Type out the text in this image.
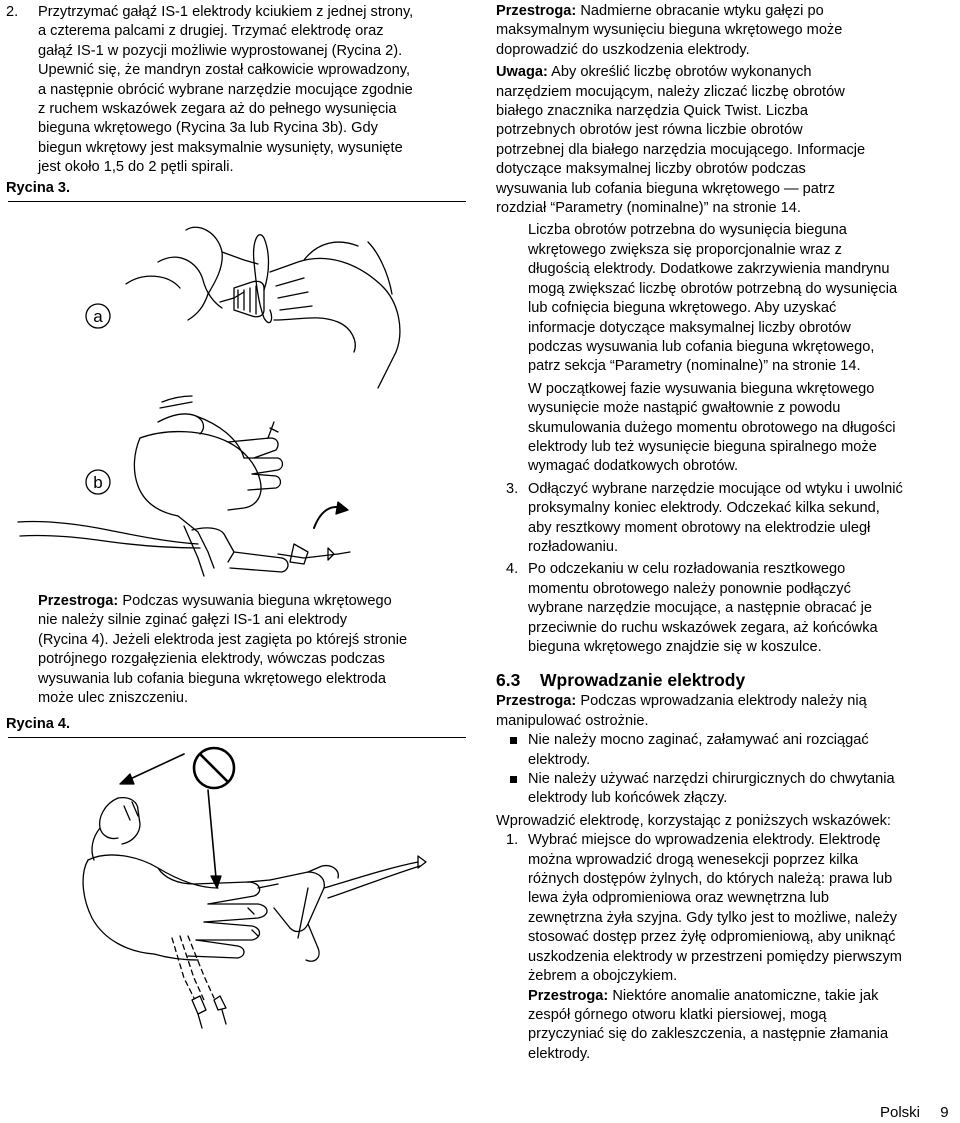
2. Przytrzymać gałąź IS-1 elektrody kciukiem z jednej strony,
a czterema palcami z drugiej. Trzymać elektrodę oraz
gałąź IS-1 w pozycji możliwie wyprostowanej (Rycina 2).
Upewnić się, że mandryn został całkowicie wprowadzony,
a następnie obrócić wybrane narzędzie mocujące zgodnie
z ruchem wskazówek zegara aż do pełnego wysunięcia
bieguna wkrętowego (Rycina 3a lub Rycina 3b). Gdy
biegun wkrętowy jest maksymalnie wysunięty, wysunięte
jest około 1,5 do 2 pętli spirali.
Rycina 3.
a
b
Przestroga: Podczas wysuwania bieguna wkrętowego
nie należy silnie zginać gałęzi IS-1 ani elektrody
(Rycina 4). Jeżeli elektroda jest zagięta po którejś stronie
potrójnego rozgałęzienia elektrody, wówczas podczas
wysuwania lub cofania bieguna wkrętowego elektroda
może ulec zniszczeniu.
Rycina 4.
Przestroga: Nadmierne obracanie wtyku gałęzi po
maksymalnym wysunięciu bieguna wkrętowego może
doprowadzić do uszkodzenia elektrody.
Uwaga: Aby określić liczbę obrotów wykonanych
narzędziem mocującym, należy zliczać liczbę obrotów
białego znacznika narzędzia Quick Twist. Liczba
potrzebnych obrotów jest równa liczbie obrotów
potrzebnej dla białego narzędzia mocującego. Informacje
dotyczące maksymalnej liczby obrotów podczas
wysuwania lub cofania bieguna wkrętowego — patrz
rozdział “Parametry (nominalne)” na stronie 14.
Liczba obrotów potrzebna do wysunięcia bieguna
wkrętowego zwiększa się proporcjonalnie wraz z
długością elektrody. Dodatkowe zakrzywienia mandrynu
mogą zwiększać liczbę obrotów potrzebną do wysunięcia
lub cofnięcia bieguna wkrętowego. Aby uzyskać
informacje dotyczące maksymalnej liczby obrotów
podczas wysuwania lub cofania bieguna wkrętowego,
patrz sekcja “Parametry (nominalne)” na stronie 14.
W początkowej fazie wysuwania bieguna wkrętowego
wysunięcie może nastąpić gwałtownie z powodu
skumulowania dużego momentu obrotowego na długości
elektrody lub też wysunięcie bieguna spiralnego może
wymagać dodatkowych obrotów.
3. Odłączyć wybrane narzędzie mocujące od wtyku i uwolnić
proksymalny koniec elektrody. Odczekać kilka sekund,
aby resztkowy moment obrotowy na elektrodzie uległ
rozładowaniu.
4. Po odczekaniu w celu rozładowania resztkowego
momentu obrotowego należy ponownie podłączyć
wybrane narzędzie mocujące, a następnie obracać je
przeciwnie do ruchu wskazówek zegara, aż końcówka
bieguna wkrętowego znajdzie się w koszulce.
6.3 Wprowadzanie elektrody
Przestroga: Podczas wprowadzania elektrody należy nią
manipulować ostrożnie.
Nie należy mocno zaginać, załamywać ani rozciągać
elektrody.
Nie należy używać narzędzi chirurgicznych do chwytania
elektrody lub końcówek złączy.
Wprowadzić elektrodę, korzystając z poniższych wskazówek:
1. Wybrać miejsce do wprowadzenia elektrody. Elektrodę
można wprowadzić drogą wenesekcji poprzez kilka
różnych dostępów żylnych, do których należą: prawa lub
lewa żyła odpromieniowa oraz wewnętrzna lub
zewnętrzna żyła szyjna. Gdy tylko jest to możliwe, należy
stosować dostęp przez żyłę odpromieniową, aby uniknąć
uszkodzenia elektrody w przestrzeni pomiędzy pierwszym
żebrem a obojczykiem.
Przestroga: Niektóre anomalie anatomiczne, takie jak
zespół górnego otworu klatki piersiowej, mogą
przyczyniać się do zakleszczenia, a następnie złamania
elektrody.
Polski 9
